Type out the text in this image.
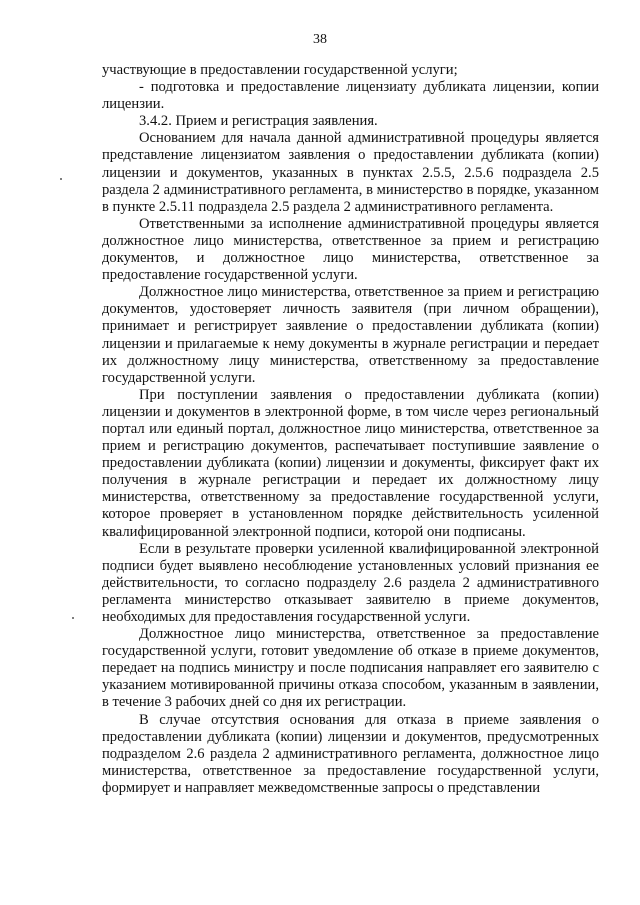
38

участвующие в предоставлении государственной услуги;

- подготовка и предоставление лицензиату дубликата лицензии, копии лицензии.

3.4.2. Прием и регистрация заявления.

Основанием для начала данной административной процедуры является представление лицензиатом заявления о предоставлении дубликата (копии) лицензии и документов, указанных в пунктах 2.5.5, 2.5.6 подраздела 2.5 раздела 2 административного регламента, в министерство в порядке, указанном в пункте 2.5.11 подраздела 2.5 раздела 2 административного регламента.

Ответственными за исполнение административной процедуры является должностное лицо министерства, ответственное за прием и регистрацию документов, и должностное лицо министерства, ответственное за предоставление государственной услуги.

Должностное лицо министерства, ответственное за прием и регистрацию документов, удостоверяет личность заявителя (при личном обращении), принимает и регистрирует заявление о предоставлении дубликата (копии) лицензии и прилагаемые к нему документы в журнале регистрации и передает их должностному лицу министерства, ответственному за предоставление государственной услуги.

При поступлении заявления о предоставлении дубликата (копии) лицензии и документов в электронной форме, в том числе через региональный портал или единый портал, должностное лицо министерства, ответственное за прием и регистрацию документов, распечатывает поступившие заявление о предоставлении дубликата (копии) лицензии и документы, фиксирует факт их получения в журнале регистрации и передает их должностному лицу министерства, ответственному за предоставление государственной услуги, которое проверяет в установленном порядке действительность усиленной квалифицированной электронной подписи, которой они подписаны.

Если в результате проверки усиленной квалифицированной электронной подписи будет выявлено несоблюдение установленных условий признания ее действительности, то согласно подразделу 2.6 раздела 2 административного регламента министерство отказывает заявителю в приеме документов, необходимых для предоставления государственной услуги.

Должностное лицо министерства, ответственное за предоставление государственной услуги, готовит уведомление об отказе в приеме документов, передает на подпись министру и после подписания направляет его заявителю с указанием мотивированной причины отказа способом, указанным в заявлении, в течение 3 рабочих дней со дня их регистрации.

В случае отсутствия основания для отказа в приеме заявления о предоставлении дубликата (копии) лицензии и документов, предусмотренных подразделом 2.6 раздела 2 административного регламента, должностное лицо министерства, ответственное за предоставление государственной услуги, формирует и направляет межведомственные запросы о представлении
